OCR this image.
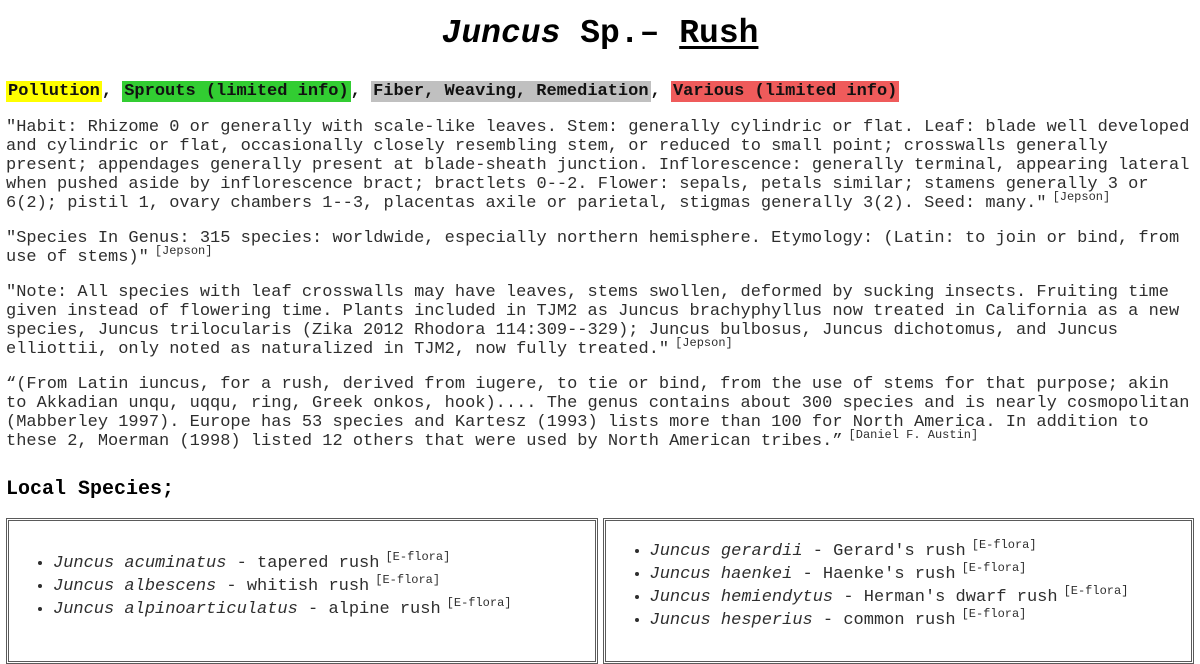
Juncus Sp.– Rush
Pollution , Sprouts (limited info) , Fiber, Weaving, Remediation , Various (limited info)

"Habit: Rhizome 0 or generally with scale-like leaves. Stem: generally cylindric or flat. Leaf: blade well developed and cylindric or flat, occasionally closely resembling stem, or reduced to small point; crosswalls generally present; appendages generally present at blade-sheath junction. Inflorescence: generally terminal, appearing lateral when pushed aside by inflorescence bract; bractlets 0--2. Flower: sepals, petals similar; stamens generally 3 or 6(2); pistil 1, ovary chambers 1--3, placentas axile or parietal, stigmas generally 3(2). Seed: many." [Jepson]

"Species In Genus: 315 species: worldwide, especially northern hemisphere. Etymology: (Latin: to join or bind, from use of stems)" [Jepson]

"Note: All species with leaf crosswalls may have leaves, stems swollen, deformed by sucking insects. Fruiting time given instead of flowering time. Plants included in TJM2 as Juncus brachyphyllus now treated in California as a new species, Juncus trilocularis (Zika 2012 Rhodora 114:309--329); Juncus bulbosus, Juncus dichotomus, and Juncus elliottii, only noted as naturalized in TJM2, now fully treated." [Jepson]

“(From Latin iuncus, for a rush, derived from iugere, to tie or bind, from the use of stems for that purpose; akin to Akkadian unqu, uqqu, ring, Greek onkos, hook).... The genus contains about 300 species and is nearly cosmopolitan (Mabberley 1997). Europe has 53 species and Kartesz (1993) lists more than 100 for North America. In addition to these 2, Moerman (1998) listed 12 others that were used by North American tribes.” [Daniel F. Austin]

Local Species;
• Juncus acuminatus - tapered rush [E-flora]
• Juncus albescens - whitish rush [E-flora]
• Juncus alpinoarticulatus - alpine rush [E-flora]
• Juncus gerardii - Gerard's rush [E-flora]
• Juncus haenkei - Haenke's rush [E-flora]
• Juncus hemiendytus - Herman's dwarf rush [E-flora]
• Juncus hesperius - common rush [E-flora]
